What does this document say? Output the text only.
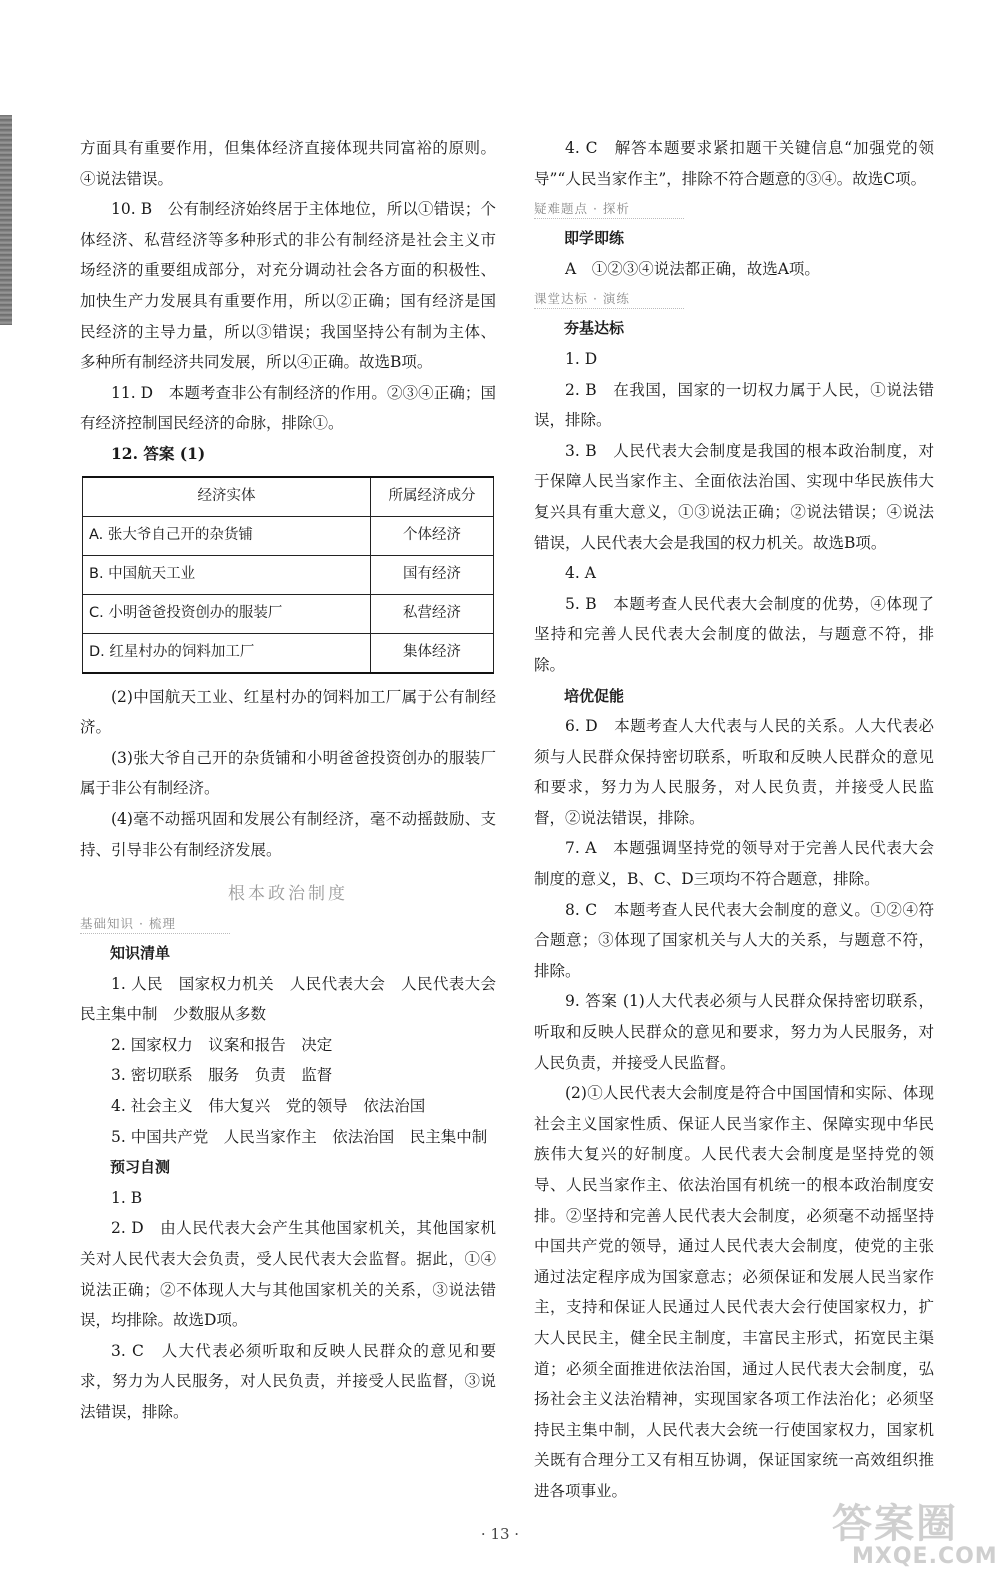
方面具有重要作用，但集体经济直接体现共同富裕的原则。④说法错误。

10. B　公有制经济始终居于主体地位，所以①错误；个体经济、私营经济等多种形式的非公有制经济是社会主义市场经济的重要组成部分，对充分调动社会各方面的积极性、加快生产力发展具有重要作用，所以②正确；国有经济是国民经济的主导力量，所以③错误；我国坚持公有制为主体、多种所有制经济共同发展，所以④正确。故选B项。

11. D　本题考查非公有制经济的作用。②③④正确；国有经济控制国民经济的命脉，排除①。

12. 答案 (1)

经济实体	所属经济成分
A. 张大爷自己开的杂货铺	个体经济
B. 中国航天工业	国有经济
C. 小明爸爸投资创办的服装厂	私营经济
D. 红星村办的饲料加工厂	集体经济

(2)中国航天工业、红星村办的饲料加工厂属于公有制经济。

(3)张大爷自己开的杂货铺和小明爸爸投资创办的服装厂属于非公有制经济。

(4)毫不动摇巩固和发展公有制经济，毫不动摇鼓励、支持、引导非公有制经济发展。

根本政治制度
基础知识 · 梳理
知识清单

1. 人民　国家权力机关　人民代表大会　人民代表大会　民主集中制　少数服从多数

2. 国家权力　议案和报告　决定

3. 密切联系　服务　负责　监督

4. 社会主义　伟大复兴　党的领导　依法治国

5. 中国共产党　人民当家作主　依法治国　民主集中制

预习自测

1. B

2. D　由人民代表大会产生其他国家机关，其他国家机关对人民代表大会负责，受人民代表大会监督。据此，①④说法正确；②不体现人大与其他国家机关的关系，③说法错误，均排除。故选D项。

3. C　人大代表必须听取和反映人民群众的意见和要求，努力为人民服务，对人民负责，并接受人民监督，③说法错误，排除。

4. C　解答本题要求紧扣题干关键信息“加强党的领导”“人民当家作主”，排除不符合题意的③④。故选C项。

疑难题点 · 探析
即学即练

A　①②③④说法都正确，故选A项。

课堂达标 · 演练
夯基达标

1. D

2. B　在我国，国家的一切权力属于人民，①说法错误，排除。

3. B　人民代表大会制度是我国的根本政治制度，对于保障人民当家作主、全面依法治国、实现中华民族伟大复兴具有重大意义，①③说法正确；②说法错误；④说法错误，人民代表大会是我国的权力机关。故选B项。

4. A

5. B　本题考查人民代表大会制度的优势，④体现了坚持和完善人民代表大会制度的做法，与题意不符，排除。

培优促能

6. D　本题考查人大代表与人民的关系。人大代表必须与人民群众保持密切联系，听取和反映人民群众的意见和要求，努力为人民服务，对人民负责，并接受人民监督，②说法错误，排除。

7. A　本题强调坚持党的领导对于完善人民代表大会制度的意义，B、C、D三项均不符合题意，排除。

8. C　本题考查人民代表大会制度的意义。①②④符合题意；③体现了国家机关与人大的关系，与题意不符，排除。

9. 答案 (1)人大代表必须与人民群众保持密切联系，听取和反映人民群众的意见和要求，努力为人民服务，对人民负责，并接受人民监督。

(2)①人民代表大会制度是符合中国国情和实际、体现社会主义国家性质、保证人民当家作主、保障实现中华民族伟大复兴的好制度。人民代表大会制度是坚持党的领导、人民当家作主、依法治国有机统一的根本政治制度安排。②坚持和完善人民代表大会制度，必须毫不动摇坚持中国共产党的领导，通过人民代表大会制度，使党的主张通过法定程序成为国家意志；必须保证和发展人民当家作主，支持和保证人民通过人民代表大会行使国家权力，扩大人民民主，健全民主制度，丰富民主形式，拓宽民主渠道；必须全面推进依法治国，通过人民代表大会制度，弘扬社会主义法治精神，实现国家各项工作法治化；必须坚持民主集中制，人民代表大会统一行使国家权力，国家机关既有合理分工又有相互协调，保证国家统一高效组织推进各项事业。

· 13 ·	答案圈
MXQE.COM
